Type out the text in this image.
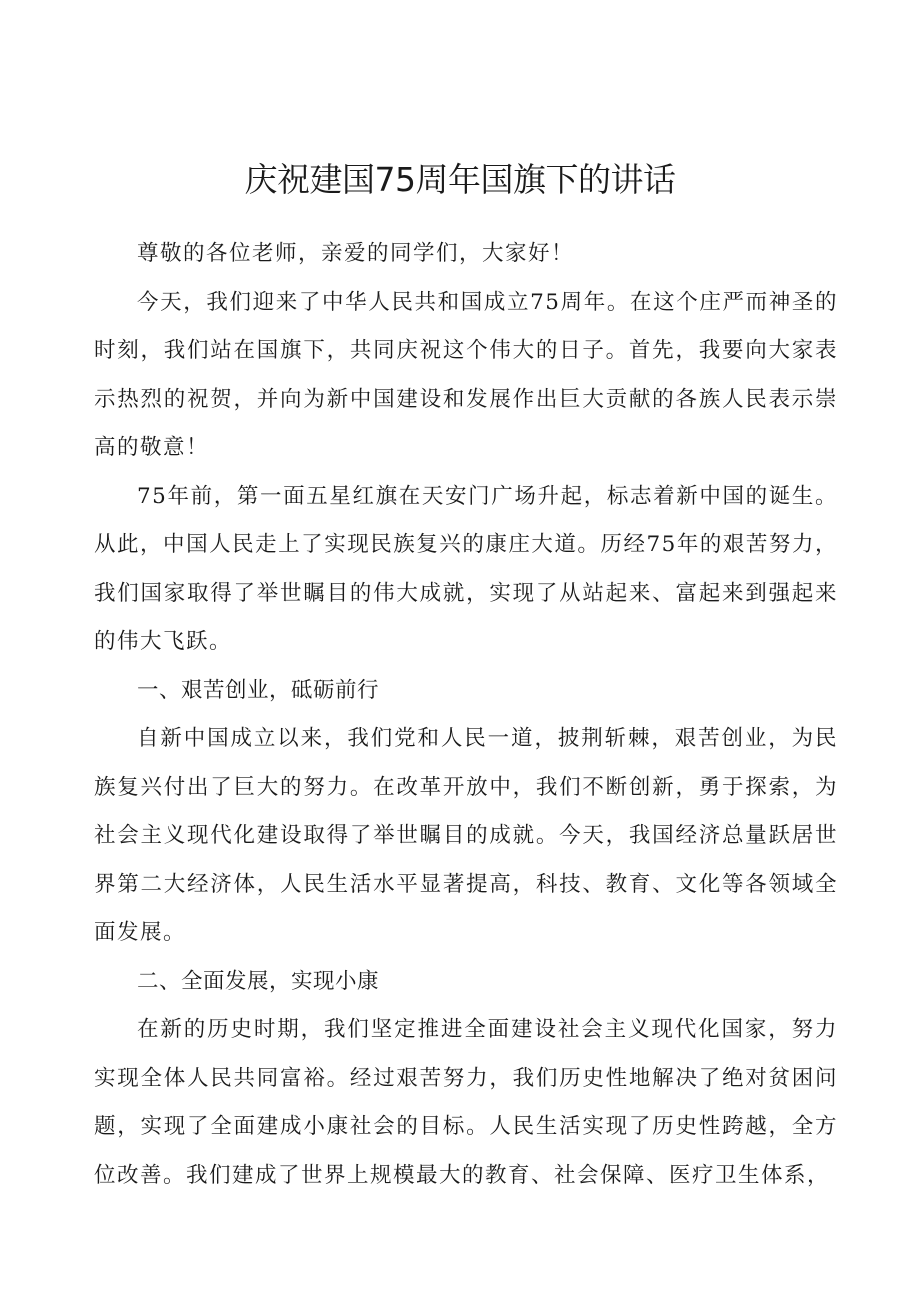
庆祝建国75周年国旗下的讲话

尊敬的各位老师，亲爱的同学们，大家好！

今天，我们迎来了中华人民共和国成立75周年。在这个庄严而神圣的时刻，我们站在国旗下，共同庆祝这个伟大的日子。首先，我要向大家表示热烈的祝贺，并向为新中国建设和发展作出巨大贡献的各族人民表示崇高的敬意！

75年前，第一面五星红旗在天安门广场升起，标志着新中国的诞生。从此，中国人民走上了实现民族复兴的康庄大道。历经75年的艰苦努力，我们国家取得了举世瞩目的伟大成就，实现了从站起来、富起来到强起来的伟大飞跃。

一、艰苦创业，砥砺前行

自新中国成立以来，我们党和人民一道，披荆斩棘，艰苦创业，为民族复兴付出了巨大的努力。在改革开放中，我们不断创新，勇于探索，为社会主义现代化建设取得了举世瞩目的成就。今天，我国经济总量跃居世界第二大经济体，人民生活水平显著提高，科技、教育、文化等各领域全面发展。

二、全面发展，实现小康

在新的历史时期，我们坚定推进全面建设社会主义现代化国家，努力实现全体人民共同富裕。经过艰苦努力，我们历史性地解决了绝对贫困问题，实现了全面建成小康社会的目标。人民生活实现了历史性跨越，全方位改善。我们建成了世界上规模最大的教育、社会保障、医疗卫生体系，
